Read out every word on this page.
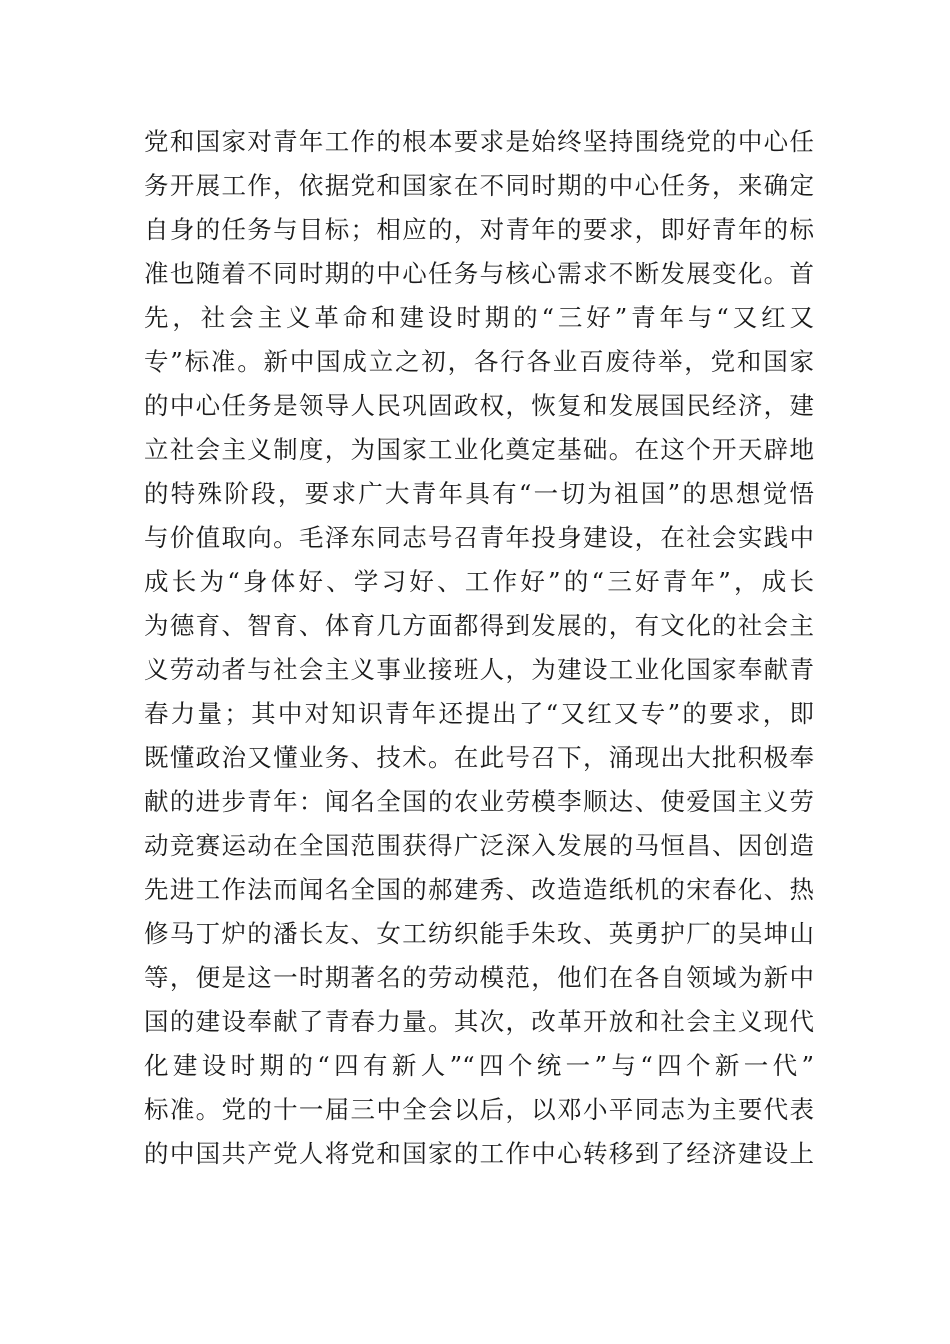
党和国家对青年工作的根本要求是始终坚持围绕党的中心任
务开展工作，依据党和国家在不同时期的中心任务，来确定
自身的任务与目标；相应的，对青年的要求，即好青年的标
准也随着不同时期的中心任务与核心需求不断发展变化。首
先，社会主义革命和建设时期的“三好”青年与“又红又
专”标准。新中国成立之初，各行各业百废待举，党和国家
的中心任务是领导人民巩固政权，恢复和发展国民经济，建
立社会主义制度，为国家工业化奠定基础。在这个开天辟地
的特殊阶段，要求广大青年具有“一切为祖国”的思想觉悟
与价值取向。毛泽东同志号召青年投身建设，在社会实践中
成长为“身体好、学习好、工作好”的“三好青年”，成长
为德育、智育、体育几方面都得到发展的，有文化的社会主
义劳动者与社会主义事业接班人，为建设工业化国家奉献青
春力量；其中对知识青年还提出了“又红又专”的要求，即
既懂政治又懂业务、技术。在此号召下，涌现出大批积极奉
献的进步青年：闻名全国的农业劳模李顺达、使爱国主义劳
动竞赛运动在全国范围获得广泛深入发展的马恒昌、因创造
先进工作法而闻名全国的郝建秀、改造造纸机的宋春化、热
修马丁炉的潘长友、女工纺织能手朱玫、英勇护厂的吴坤山
等，便是这一时期著名的劳动模范，他们在各自领域为新中
国的建设奉献了青春力量。其次，改革开放和社会主义现代
化建设时期的“四有新人”“四个统一”与“四个新一代”
标准。党的十一届三中全会以后，以邓小平同志为主要代表
的中国共产党人将党和国家的工作中心转移到了经济建设上
